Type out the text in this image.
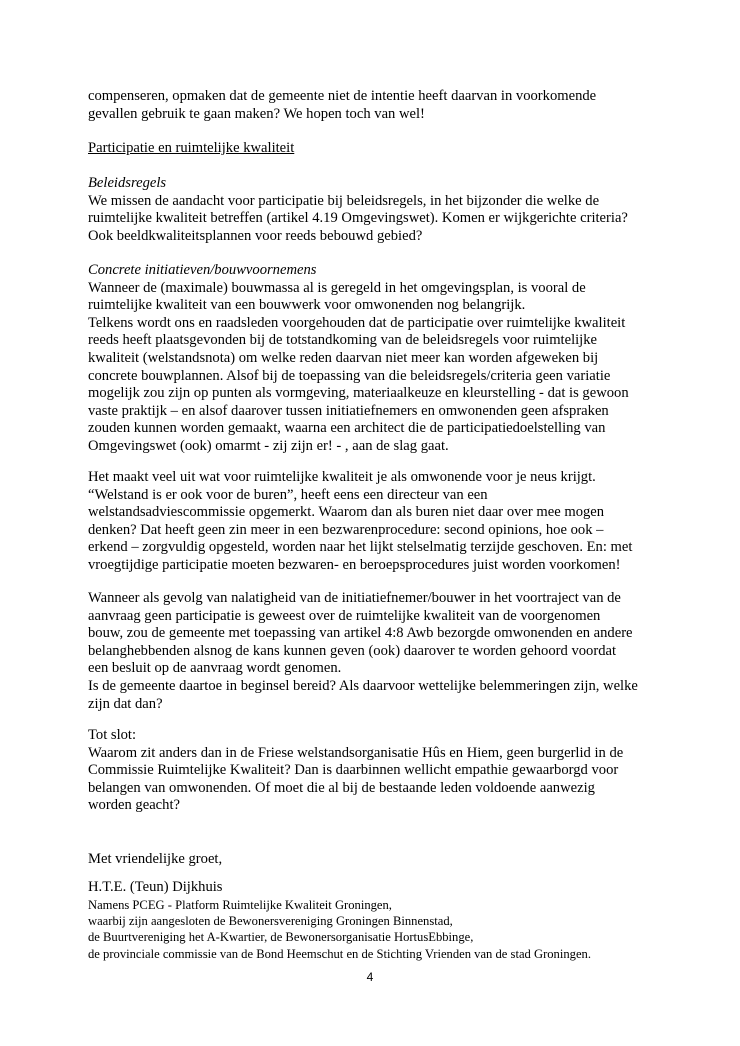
compenseren, opmaken dat de gemeente niet de intentie heeft daarvan in voorkomende
gevallen gebruik te gaan maken? We hopen toch van wel!
Participatie en ruimtelijke kwaliteit
Beleidsregels
We missen de aandacht voor participatie bij beleidsregels, in het bijzonder die welke de
ruimtelijke kwaliteit betreffen (artikel 4.19 Omgevingswet). Komen er wijkgerichte criteria?
Ook beeldkwaliteitsplannen voor reeds bebouwd gebied?
Concrete initiatieven/bouwvoornemens
Wanneer de (maximale) bouwmassa al is geregeld in het omgevingsplan, is vooral de
ruimtelijke kwaliteit van een bouwwerk voor omwonenden nog belangrijk.
Telkens wordt ons en raadsleden voorgehouden dat de participatie over ruimtelijke kwaliteit
reeds heeft plaatsgevonden bij de totstandkoming van de beleidsregels voor ruimtelijke
kwaliteit (welstandsnota) om welke reden daarvan niet meer kan worden afgeweken bij
concrete bouwplannen. Alsof bij de toepassing van die beleidsregels/criteria geen variatie
mogelijk zou zijn op punten als vormgeving, materiaalkeuze en kleurstelling - dat is gewoon
vaste praktijk – en alsof daarover tussen initiatiefnemers en omwonenden geen afspraken
zouden kunnen worden gemaakt, waarna een architect die de participatiedoelstelling van
Omgevingswet (ook) omarmt - zij zijn er! - , aan de slag gaat.
Het maakt veel uit wat voor ruimtelijke kwaliteit je als omwonende voor je neus krijgt.
“Welstand is er ook voor de buren”, heeft eens een directeur van een
welstandsadviescommissie opgemerkt. Waarom dan als buren niet daar over mee mogen
denken? Dat heeft geen zin meer in een bezwarenprocedure: second opinions, hoe ook –
erkend – zorgvuldig opgesteld, worden naar het lijkt stelselmatig terzijde geschoven. En: met
vroegtijdige participatie moeten bezwaren- en beroepsprocedures juist worden voorkomen!
Wanneer als gevolg van nalatigheid van de initiatiefnemer/bouwer in het voortraject van de
aanvraag geen participatie is geweest over de ruimtelijke kwaliteit van de voorgenomen
bouw, zou de gemeente met toepassing van artikel 4:8 Awb bezorgde omwonenden en andere
belanghebbenden alsnog de kans kunnen geven (ook) daarover te worden gehoord voordat
een besluit op de aanvraag wordt genomen.
Is de gemeente daartoe in beginsel bereid? Als daarvoor wettelijke belemmeringen zijn, welke
zijn dat dan?
Tot slot:
Waarom zit anders dan in de Friese welstandsorganisatie Hûs en Hiem, geen burgerlid in de
Commissie Ruimtelijke Kwaliteit? Dan is daarbinnen wellicht empathie gewaarborgd voor
belangen van omwonenden. Of moet die al bij de bestaande leden voldoende aanwezig
worden geacht?
Met vriendelijke groet,
H.T.E. (Teun) Dijkhuis
Namens PCEG - Platform Ruimtelijke Kwaliteit Groningen,
waarbij zijn aangesloten de Bewonersvereniging Groningen Binnenstad,
de Buurtvereniging het A-Kwartier, de Bewonersorganisatie HortusEbbinge,
de provinciale commissie van de Bond Heemschut en de Stichting Vrienden van de stad Groningen.
4
